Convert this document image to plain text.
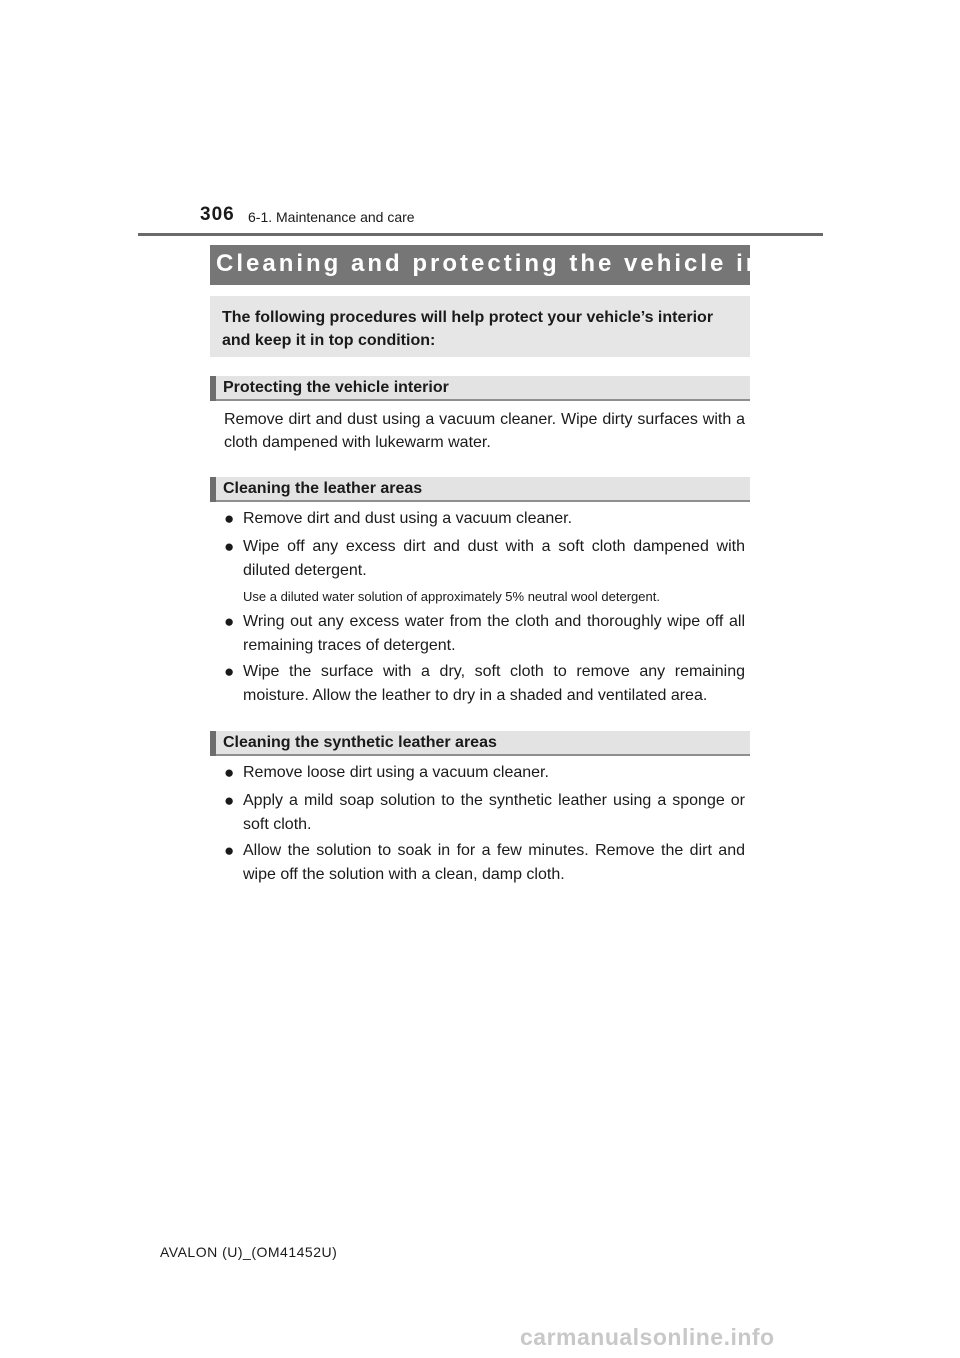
306 6-1. Maintenance and care
Cleaning and protecting the vehicle interior
The following procedures will help protect your vehicle’s interior and keep it in top condition:
Protecting the vehicle interior
Remove dirt and dust using a vacuum cleaner. Wipe dirty surfaces with a cloth dampened with lukewarm water.
Cleaning the leather areas
● Remove dirt and dust using a vacuum cleaner.
● Wipe off any excess dirt and dust with a soft cloth dampened with diluted detergent.
Use a diluted water solution of approximately 5% neutral wool detergent.
● Wring out any excess water from the cloth and thoroughly wipe off all remaining traces of detergent.
● Wipe the surface with a dry, soft cloth to remove any remaining moisture. Allow the leather to dry in a shaded and ventilated area.
Cleaning the synthetic leather areas
● Remove loose dirt using a vacuum cleaner.
● Apply a mild soap solution to the synthetic leather using a sponge or soft cloth.
● Allow the solution to soak in for a few minutes. Remove the dirt and wipe off the solution with a clean, damp cloth.
AVALON (U)_(OM41452U)
carmanualsonline.info
